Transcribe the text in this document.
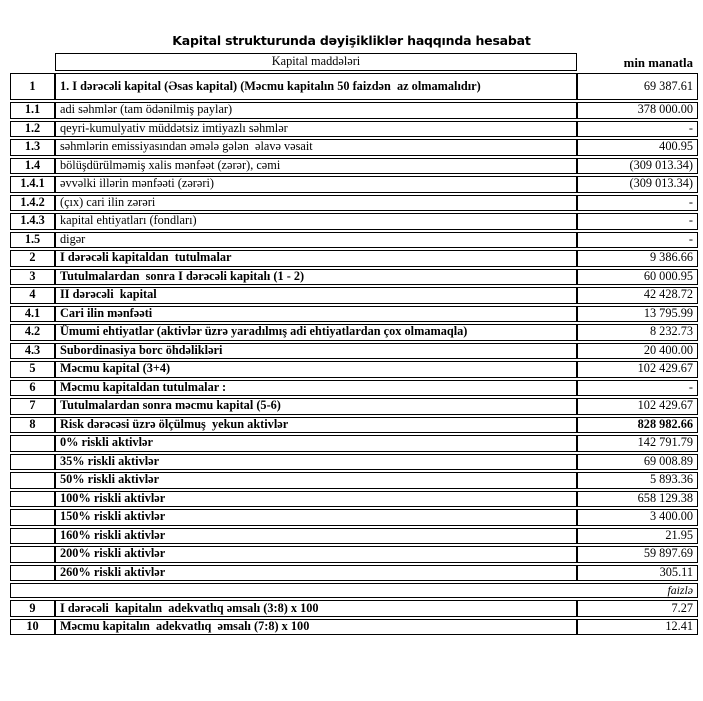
Kapital strukturunda dəyişikliklər haqqında hesabat
	Kapital maddələri	min manatla
1	1. I dərəcəli kapital (Əsas kapital) (Məcmu kapitalın 50 faizdən  az olmamalıdır)	69 387.61
1.1	adi səhmlər (tam ödənilmiş paylar)	378 000.00
1.2	qeyri-kumulyativ müddətsiz imtiyazlı səhmlər	-
1.3	səhmlərin emissiyasından əmələ gələn  əlavə vəsait	400.95
1.4	bölüşdürülməmiş xalis mənfəət (zərər), cəmi	(309 013.34)
1.4.1	əvvəlki illərin mənfəəti (zərəri)	(309 013.34)
1.4.2	(çıx) cari ilin zərəri	-
1.4.3	kapital ehtiyatları (fondları)	-
1.5	digər	-
2	I dərəcəli kapitaldan  tutulmalar	9 386.66
3	Tutulmalardan  sonra I dərəcəli kapitalı (1 - 2)	60 000.95
4	II dərəcəli  kapital	42 428.72
4.1	Cari ilin mənfəəti	13 795.99
4.2	Ümumi ehtiyatlar (aktivlər üzrə yaradılmış adi ehtiyatlardan çox olmamaqla)	8 232.73
4.3	Subordinasiya borc öhdəlikləri	20 400.00
5	Məcmu kapital (3+4)	102 429.67
6	Məcmu kapitaldan tutulmalar :	-
7	Tutulmalardan sonra məcmu kapital (5-6)	102 429.67
8	Risk dərəcəsi üzrə ölçülmuş  yekun aktivlər	828 982.66
	0% riskli aktivlər	142 791.79
	35% riskli aktivlər	69 008.89
	50% riskli aktivlər	5 893.36
	100% riskli aktivlər	658 129.38
	150% riskli aktivlər	3 400.00
	160% riskli aktivlər	21.95
	200% riskli aktivlər	59 897.69
	260% riskli aktivlər	305.11
faizlə		
9	I dərəcəli  kapitalın  adekvatlıq əmsalı (3:8) x 100	7.27
10	Məcmu kapitalın  adekvatlıq  əmsalı (7:8) x 100	12.41
